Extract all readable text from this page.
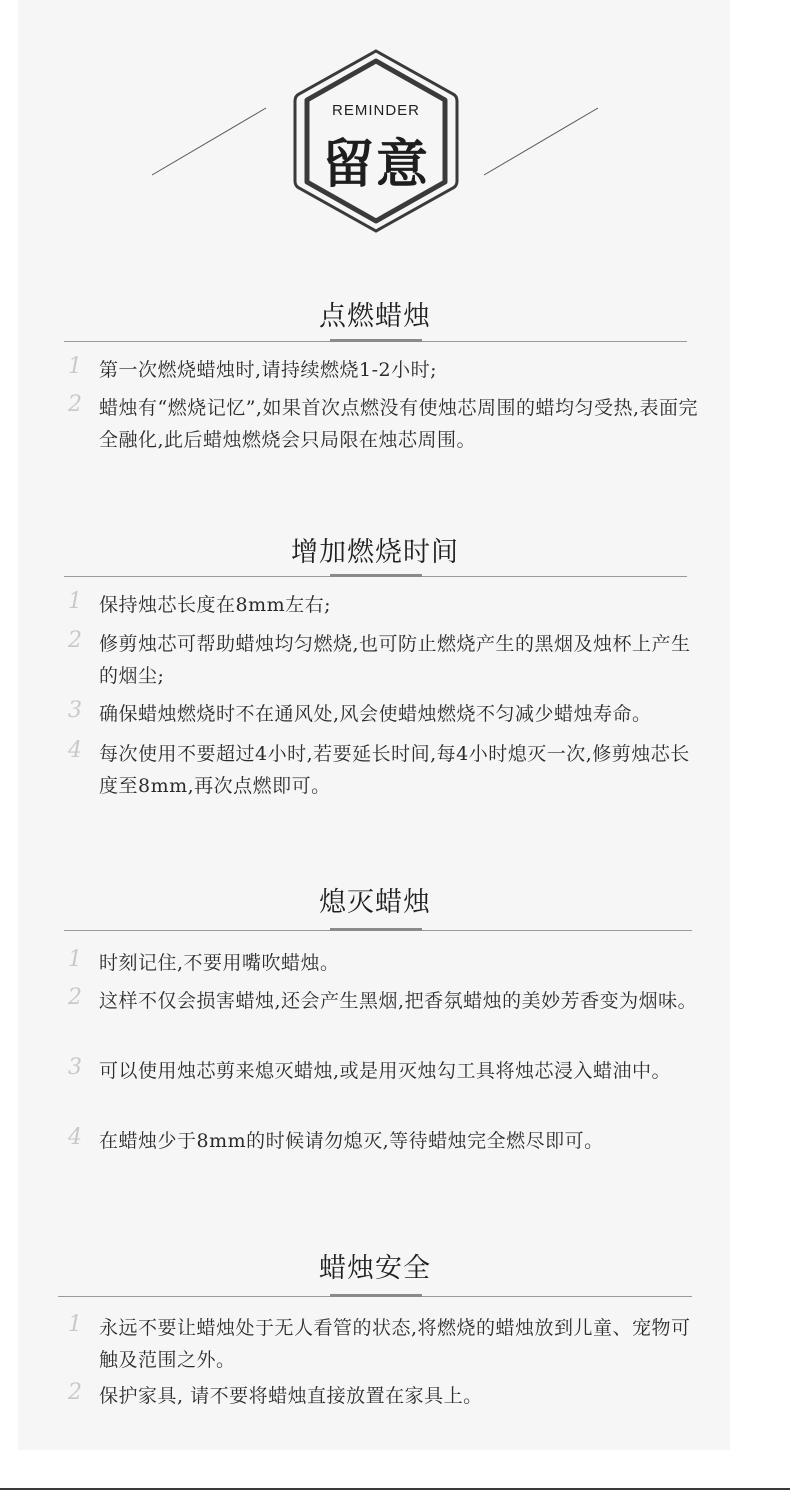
REMINDER
留意
点燃蜡烛
1 第一次燃烧蜡烛时,请持续燃烧1-2小时;
2 蜡烛有“燃烧记忆”,如果首次点燃没有使烛芯周围的蜡均匀受热,表面完全融化,此后蜡烛燃烧会只局限在烛芯周围。
增加燃烧时间
1 保持烛芯长度在8mm左右;
2 修剪烛芯可帮助蜡烛均匀燃烧,也可防止燃烧产生的黑烟及烛杯上产生的烟尘;
3 确保蜡烛燃烧时不在通风处,风会使蜡烛燃烧不匀减少蜡烛寿命。
4 每次使用不要超过4小时,若要延长时间,每4小时熄灭一次,修剪烛芯长度至8mm,再次点燃即可。
熄灭蜡烛
1 时刻记住,不要用嘴吹蜡烛。
2 这样不仅会损害蜡烛,还会产生黑烟,把香氛蜡烛的美妙芳香变为烟味。
3 可以使用烛芯剪来熄灭蜡烛,或是用灭烛勾工具将烛芯浸入蜡油中。
4 在蜡烛少于8mm的时候请勿熄灭,等待蜡烛完全燃尽即可。
蜡烛安全
1 永远不要让蜡烛处于无人看管的状态,将燃烧的蜡烛放到儿童、宠物可触及范围之外。
2 保护家具, 请不要将蜡烛直接放置在家具上。
